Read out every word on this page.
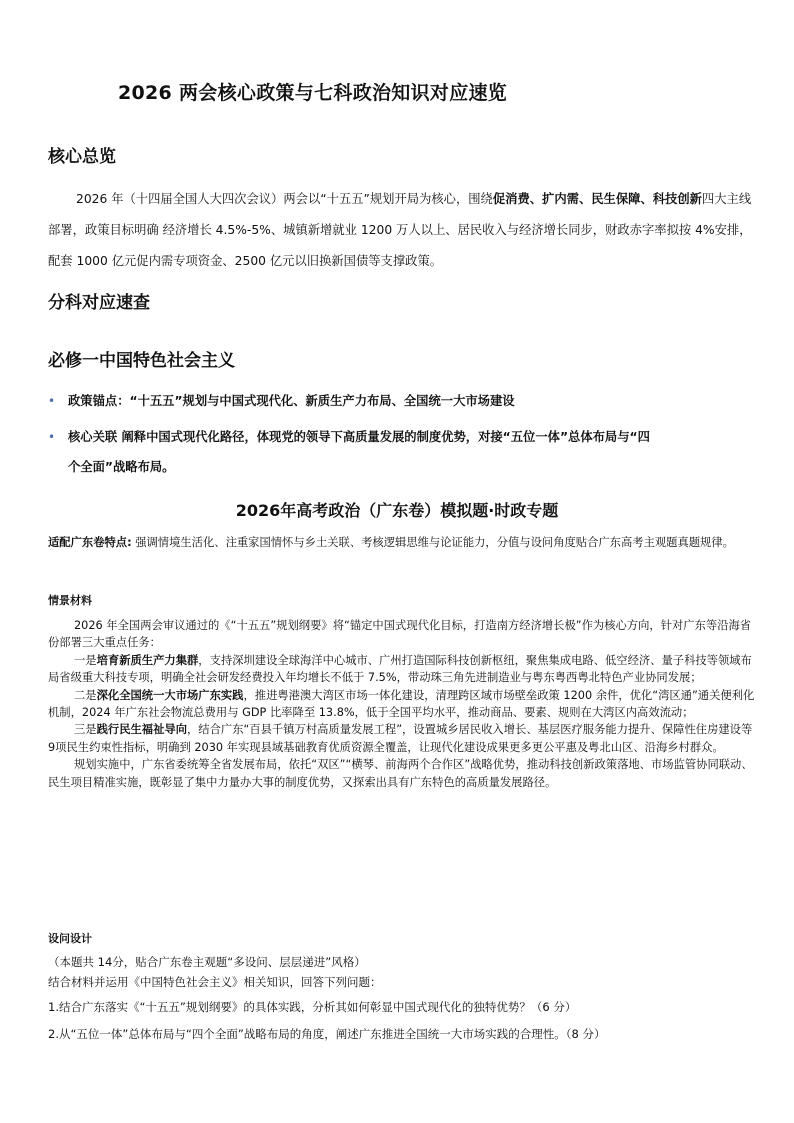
2026 两会核心政策与七科政治知识对应速览
核心总览
2026 年（十四届全国人大四次会议）两会以“十五五”规划开局为核心，围绕促消费、扩内需、民生保障、科技创新四大主线部署，政策目标明确 经济增长 4.5%-5%、城镇新增就业 1200 万人以上、居民收入与经济增长同步，财政赤字率拟按 4%安排，配套 1000 亿元促内需专项资金、2500 亿元以旧换新国债等支撑政策。
分科对应速查
必修一中国特色社会主义
•	政策锚点：“十五五”规划与中国式现代化、新质生产力布局、全国统一大市场建设
•	核心关联 阐释中国式现代化路径，体现党的领导下高质量发展的制度优势，对接“五位一体”总体布局与“四
个全面”战略布局。
2026年高考政治（广东卷）模拟题·时政专题
适配广东卷特点: 强调情境生活化、注重家国情怀与乡土关联、考核逻辑思维与论证能力，分值与设问角度贴合广东高考主观题真题规律。
情景材料

2026 年全国两会审议通过的《“十五五”规划纲要》将“锚定中国式现代化目标，打造南方经济增长极”作为核心方向，针对广东等沿海省份部署三大重点任务：

一是培育新质生产力集群，支持深圳建设全球海洋中心城市、广州打造国际科技创新枢纽，聚焦集成电路、低空经济、量子科技等领域布局省级重大科技专项，明确全社会研发经费投入年均增长不低于 7.5%，带动珠三角先进制造业与粤东粤西粤北特色产业协同发展；

二是深化全国统一大市场广东实践，推进粤港澳大湾区市场一体化建设，清理跨区域市场壁垒政策 1200 余件，优化“湾区通”通关便利化机制，2024 年广东社会物流总费用与 GDP 比率降至 13.8%，低于全国平均水平，推动商品、要素、规则在大湾区内高效流动；

三是践行民生福祉导向，结合广东“百县千镇万村高质量发展工程”，设置城乡居民收入增长、基层医疗服务能力提升、保障性住房建设等 9项民生约束性指标，明确到 2030 年实现县域基础教育优质资源全覆盖，让现代化建设成果更多更公平惠及粤北山区、沿海乡村群众。

规划实施中，广东省委统筹全省发展布局，依托“双区”“横琴、前海两个合作区”战略优势，推动科技创新政策落地、市场监管协同联动、民生项目精准实施，既彰显了集中力量办大事的制度优势，又探索出具有广东特色的高质量发展路径。

设问设计
（本题共 14分，贴合广东卷主观题“多设问、层层递进”风格）
结合材料并运用《中国特色社会主义》相关知识，回答下列问题：
1.结合广东落实《“十五五”规划纲要》的具体实践，分析其如何彰显中国式现代化的独特优势？（6 分）
2.从“五位一体”总体布局与“四个全面”战略布局的角度，阐述广东推进全国统一大市场实践的合理性。（8 分）
